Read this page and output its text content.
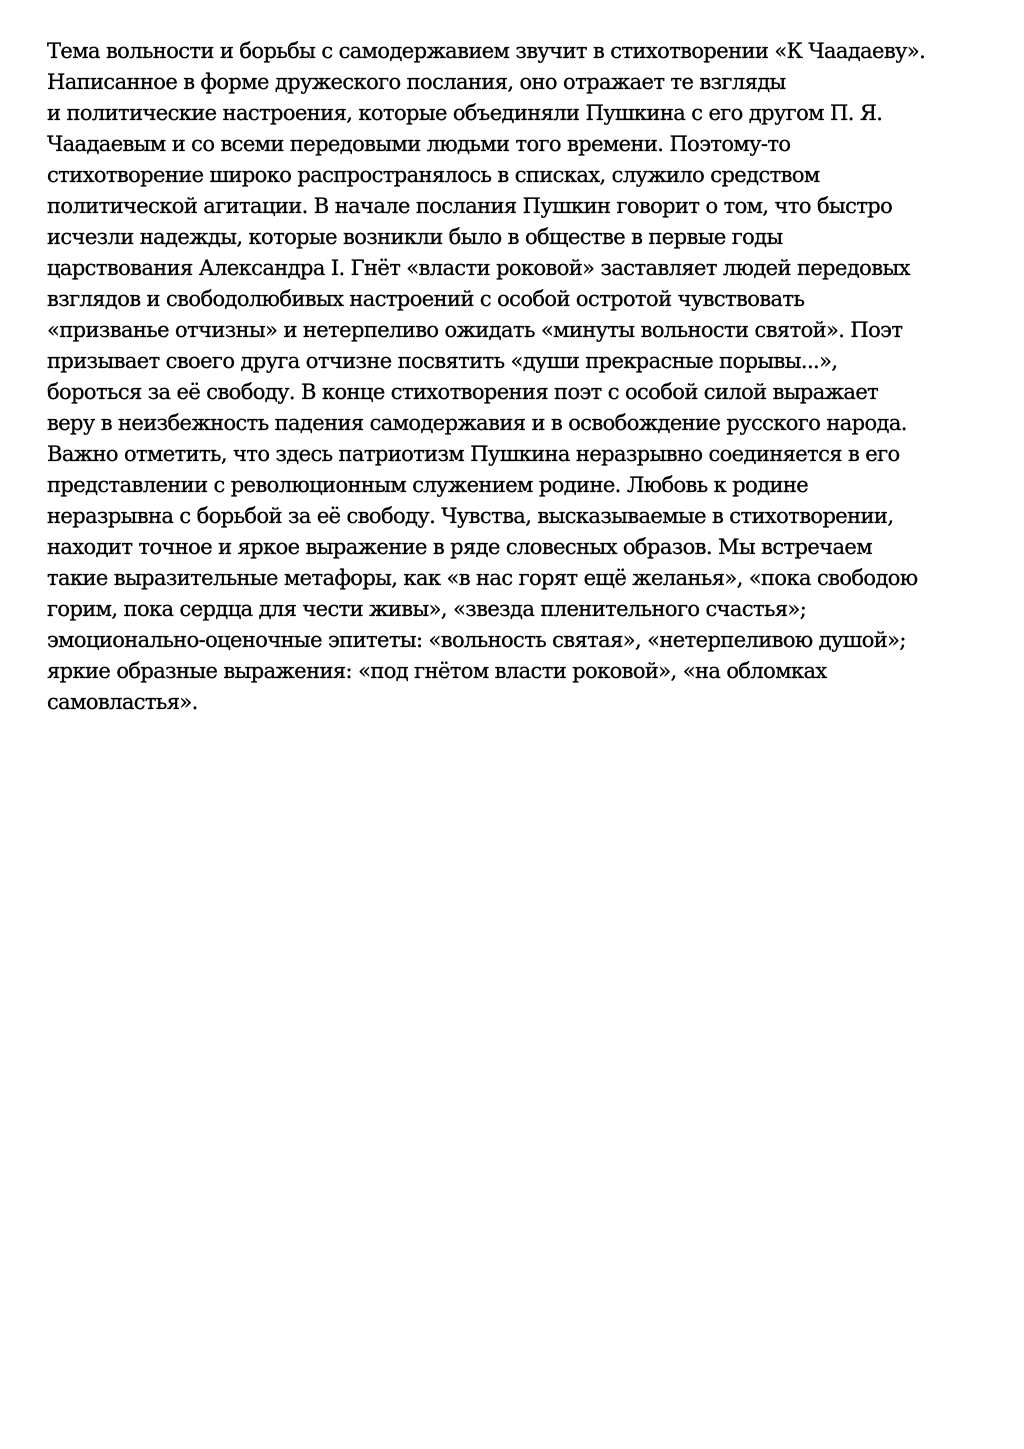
Тема вольности и борьбы с самодержавием звучит в стихотворении «К Чаадаеву».
Написанное в форме дружеского послания, оно отражает те взгляды
и политические настроения, которые объединяли Пушкина с его другом П. Я.
Чаадаевым и со всеми передовыми людьми того времени. Поэтому-то
стихотворение широко распространялось в списках, служило средством
политической агитации. В начале послания Пушкин говорит о том, что быстро
исчезли надежды, которые возникли было в обществе в первые годы
царствования Александра I. Гнёт «власти роковой» заставляет людей передовых
взглядов и свободолюбивых настроений с особой остротой чувствовать
«призванье отчизны» и нетерпеливо ожидать «минуты вольности святой». Поэт
призывает своего друга отчизне посвятить «души прекрасные порывы...»,
бороться за её свободу. В конце стихотворения поэт с особой силой выражает
веру в неизбежность падения самодержавия и в освобождение русского народа.
Важно отметить, что здесь патриотизм Пушкина неразрывно соединяется в его
представлении с революционным служением родине. Любовь к родине
неразрывна с борьбой за её свободу. Чувства, высказываемые в стихотворении,
находит точное и яркое выражение в ряде словесных образов. Мы встречаем
такие выразительные метафоры, как «в нас горят ещё желанья», «пока свободою
горим, пока сердца для чести живы», «звезда пленительного счастья»;
эмоционально-оценочные эпитеты: «вольность святая», «нетерпеливою душой»;
яркие образные выражения: «под гнётом власти роковой», «на обломках
самовластья».
